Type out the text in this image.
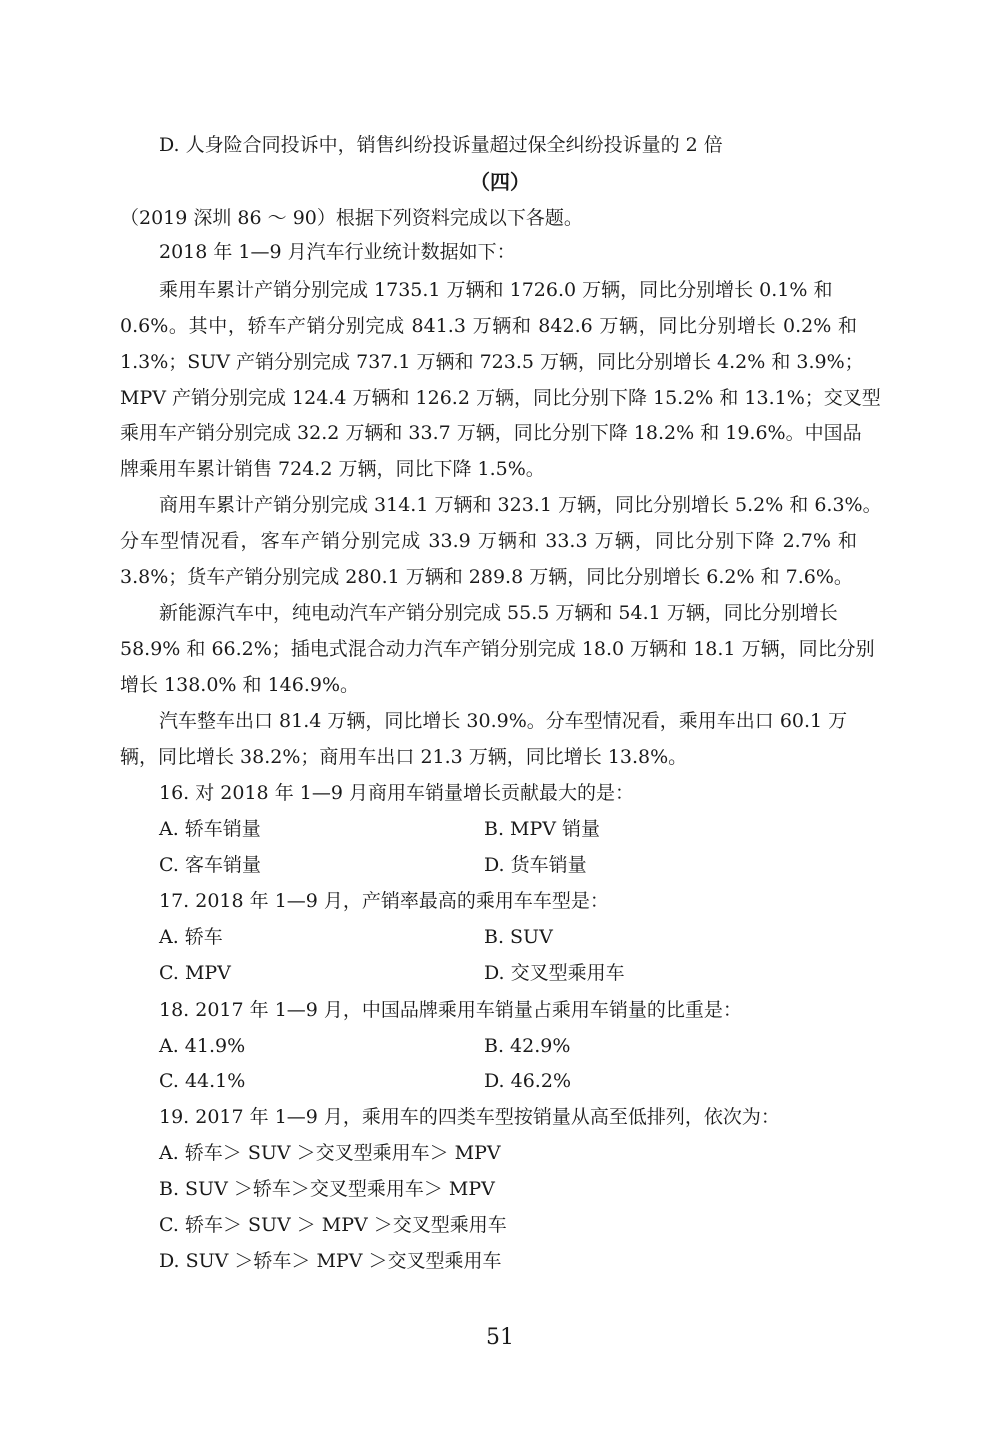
D. 人身险合同投诉中，销售纠纷投诉量超过保全纠纷投诉量的 2 倍
（四）
（2019 深圳 86 ～ 90）根据下列资料完成以下各题。
2018 年 1—9 月汽车行业统计数据如下：
乘用车累计产销分别完成 1735.1 万辆和 1726.0 万辆，同比分别增长 0.1% 和
0.6%。其中，轿车产销分别完成 841.3 万辆和 842.6 万辆，同比分别增长 0.2% 和
1.3%；SUV 产销分别完成 737.1 万辆和 723.5 万辆，同比分别增长 4.2% 和 3.9%；
MPV 产销分别完成 124.4 万辆和 126.2 万辆，同比分别下降 15.2% 和 13.1%；交叉型
乘用车产销分别完成 32.2 万辆和 33.7 万辆，同比分别下降 18.2% 和 19.6%。中国品
牌乘用车累计销售 724.2 万辆，同比下降 1.5%。
商用车累计产销分别完成 314.1 万辆和 323.1 万辆，同比分别增长 5.2% 和 6.3%。
分车型情况看，客车产销分别完成 33.9 万辆和 33.3 万辆，同比分别下降 2.7% 和
3.8%；货车产销分别完成 280.1 万辆和 289.8 万辆，同比分别增长 6.2% 和 7.6%。
新能源汽车中，纯电动汽车产销分别完成 55.5 万辆和 54.1 万辆，同比分别增长
58.9% 和 66.2%；插电式混合动力汽车产销分别完成 18.0 万辆和 18.1 万辆，同比分别
增长 138.0% 和 146.9%。
汽车整车出口 81.4 万辆，同比增长 30.9%。分车型情况看，乘用车出口 60.1 万
辆，同比增长 38.2%；商用车出口 21.3 万辆，同比增长 13.8%。
16. 对 2018 年 1—9 月商用车销量增长贡献最大的是：
A. 轿车销量	B. MPV 销量
C. 客车销量	D. 货车销量
17. 2018 年 1—9 月，产销率最高的乘用车车型是：
A. 轿车	B. SUV
C. MPV	D. 交叉型乘用车
18. 2017 年 1—9 月，中国品牌乘用车销量占乘用车销量的比重是：
A. 41.9%	B. 42.9%
C. 44.1%	D. 46.2%
19. 2017 年 1—9 月，乘用车的四类车型按销量从高至低排列，依次为：
A. 轿车＞ SUV ＞交叉型乘用车＞ MPV
B. SUV ＞轿车＞交叉型乘用车＞ MPV
C. 轿车＞ SUV ＞ MPV ＞交叉型乘用车
D. SUV ＞轿车＞ MPV ＞交叉型乘用车
51
